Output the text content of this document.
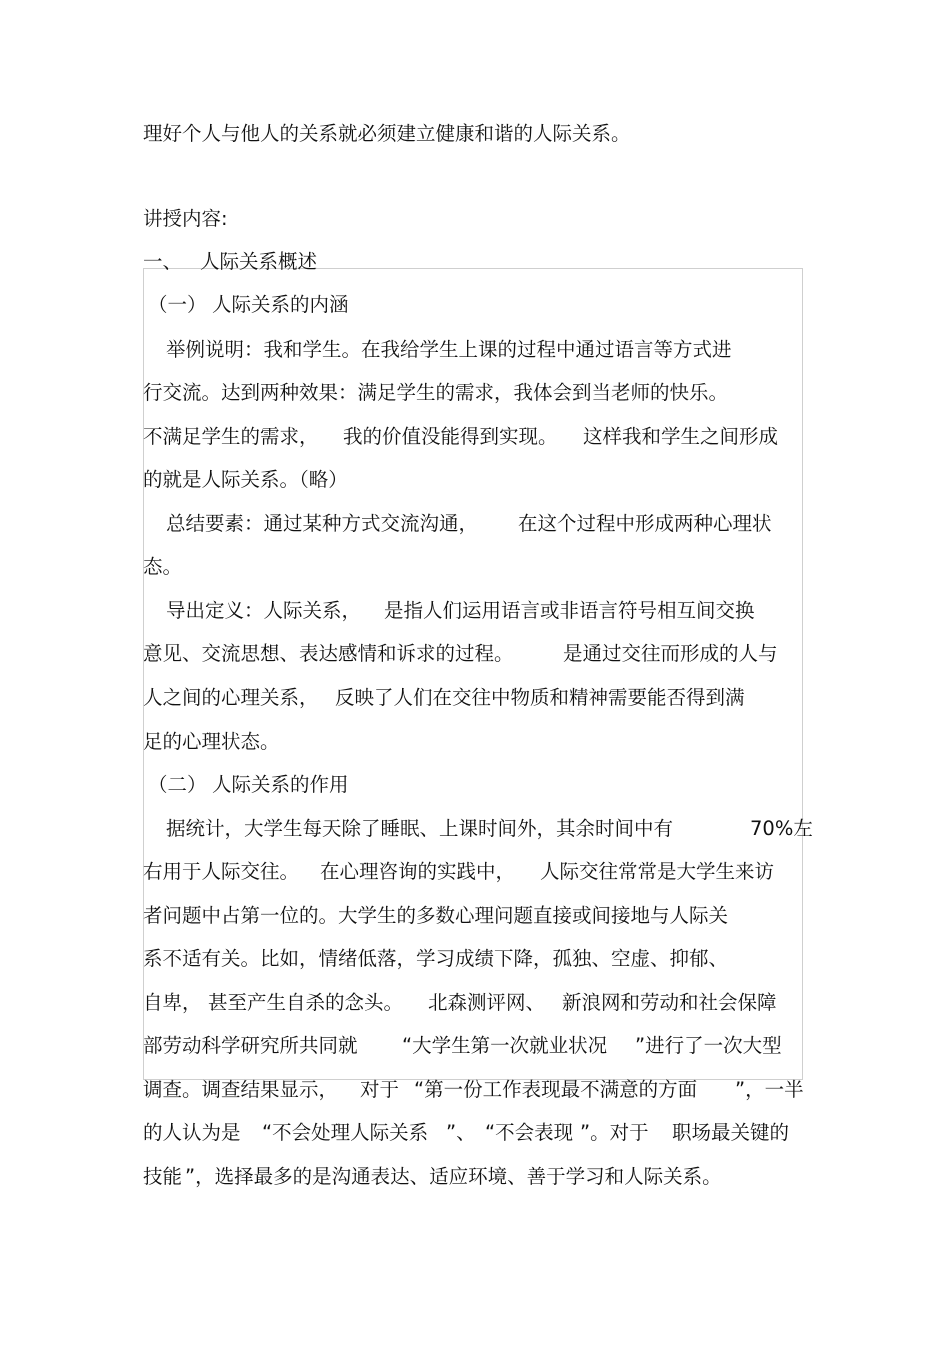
理好个人与他人的关系就必须建立健康和谐的人际关系。
讲授内容:
一、 人际关系概述
（一） 人际关系的内涵
举例说明：我和学生。在我给学生上课的过程中通过语言等方式进
行交流。达到两种效果：满足学生的需求，我体会到当老师的快乐。
不满足学生的需求， 我的价值没能得到实现。 这样我和学生之间形成
的就是人际关系。（略）
总结要素：通过某种方式交流沟通， 在这个过程中形成两种心理状
态。
导出定义：人际关系， 是指人们运用语言或非语言符号相互间交换
意见、交流思想、表达感情和诉求的过程。	是通过交往而形成的人与
人之间的心理关系， 反映了人们在交往中物质和精神需要能否得到满
足的心理状态。
（二） 人际关系的作用
据统计，大学生每天除了睡眠、上课时间外，其余时间中有	70%左
右用于人际交往。 在心理咨询的实践中， 人际交往常常是大学生来访
者问题中占第一位的。大学生的多数心理问题直接或间接地与人际关
系不适有关。比如，情绪低落，学习成绩下降，孤独、空虚、抑郁、
自卑， 甚至产生自杀的念头。 北森测评网、 新浪网和劳动和社会保障
部劳动科学研究所共同就 “大学生第一次就业状况 ”进行了一次大型
调查。调查结果显示， 对于 “第一份工作表现最不满意的方面 ”，一半
的人认为是 “不会处理人际关系 ”、 “不会表现 ”。对于 职场最关键的
技能 ”，选择最多的是沟通表达、适应环境、善于学习和人际关系。
